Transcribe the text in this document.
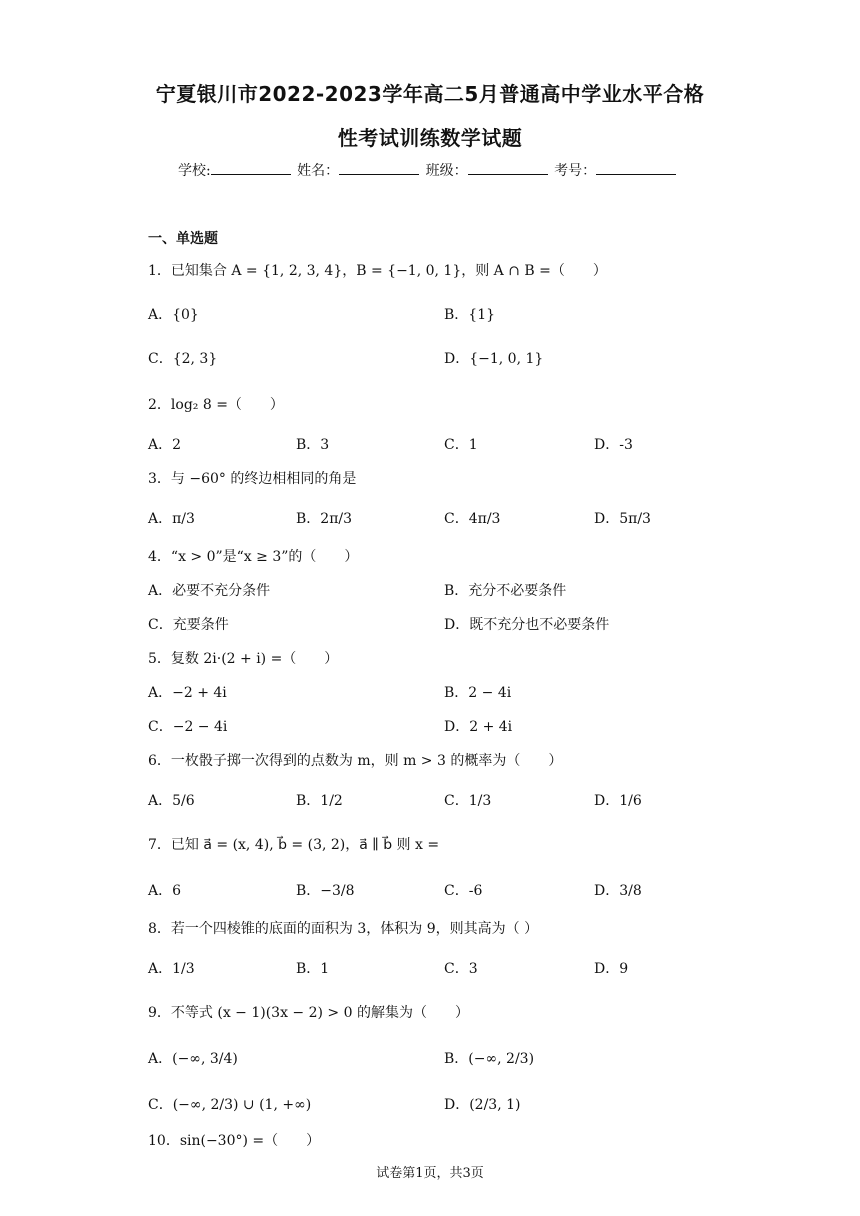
宁夏银川市2022-2023学年高二5月普通高中学业水平合格
性考试训练数学试题
学校:	姓名：	班级：	考号：
一、单选题
1．已知集合 A = {1, 2, 3, 4}，B = {−1, 0, 1}，则 A ∩ B =（　　）
A．{0}	B．{1}
C．{2, 3}	D．{−1, 0, 1}
2．log₂ 8 =（　　）
A．2	B．3	C．1	D．-3
3．与 −60° 的终边相相同的角是
A．π/3	B．2π/3	C．4π/3	D．5π/3
4．“x > 0”是“x ≥ 3”的（　　）
A．必要不充分条件	B．充分不必要条件
C．充要条件	D．既不充分也不必要条件
5．复数 2i·(2 + i) =（　　）
A．−2 + 4i	B．2 − 4i
C．−2 − 4i	D．2 + 4i
6．一枚骰子掷一次得到的点数为 m，则 m > 3 的概率为（　　）
A．5/6	B．1/2	C．1/3	D．1/6
7．已知 a⃗ = (x, 4), b⃗ = (3, 2)，a⃗ ∥ b⃗ 则 x =
A．6	B．−3/8	C．-6	D．3/8
8．若一个四棱锥的底面的面积为 3，体积为 9，则其高为（ ）
A．1/3	B．1	C．3	D．9
9．不等式 (x − 1)(3x − 2) > 0 的解集为（　　）
A．(−∞, 3/4)	B．(−∞, 2/3)
C．(−∞, 2/3) ∪ (1, +∞)	D．(2/3, 1)
10．sin(−30°) =（　　）
试卷第1页，共3页
